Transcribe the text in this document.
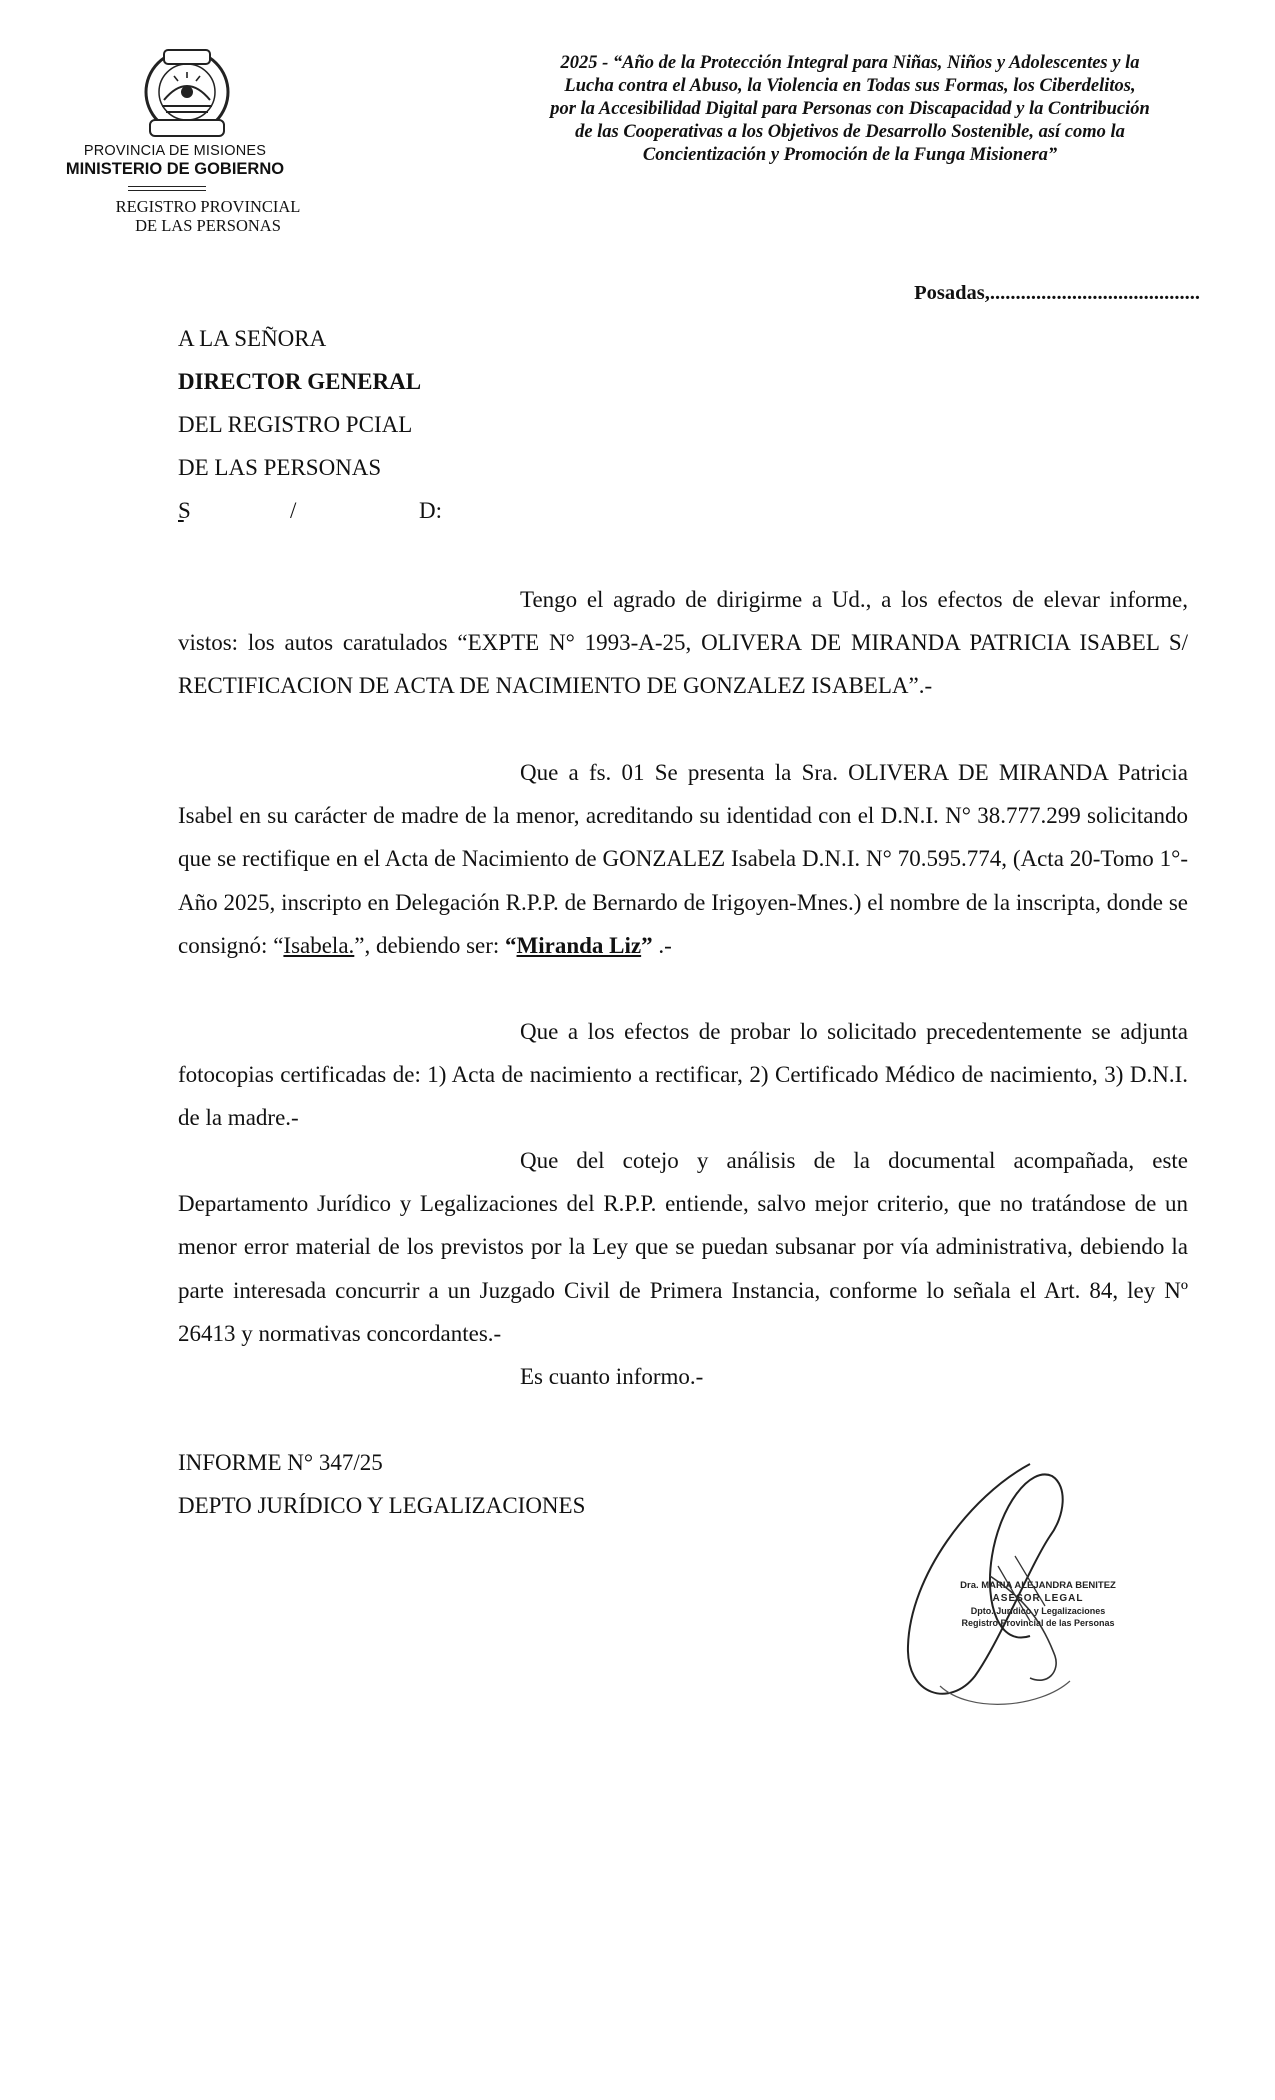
PROVINCIA DE MISIONES
MINISTERIO DE GOBIERNO
REGISTRO PROVINCIAL
DE LAS PERSONAS
2025 - “Año de la Protección Integral para Niñas, Niños y Adolescentes y la
Lucha contra el Abuso, la Violencia en Todas sus Formas, los Ciberdelitos,
por la Accesibilidad Digital para Personas con Discapacidad y la Contribución
de las Cooperativas a los Objetivos de Desarrollo Sostenible, así como la
Concientización y Promoción de la Funga Misionera”
Posadas,.........................................
A LA SEÑORA
DIRECTOR GENERAL
DEL REGISTRO PCIAL
DE LAS PERSONAS

S	/	D:

Tengo el agrado de dirigirme a Ud., a los efectos de elevar informe, vistos: los autos caratulados “EXPTE N° 1993-A-25, OLIVERA DE MIRANDA PATRICIA ISABEL S/ RECTIFICACION DE ACTA DE NACIMIENTO DE GONZALEZ ISABELA”.-

Que a fs. 01 Se presenta la Sra. OLIVERA DE MIRANDA Patricia Isabel en su carácter de madre de la menor, acreditando su identidad con el D.N.I. N° 38.777.299 solicitando que se rectifique en el Acta de Nacimiento de GONZALEZ Isabela D.N.I. N° 70.595.774, (Acta 20-Tomo 1°-Año 2025, inscripto en Delegación R.P.P. de Bernardo de Irigoyen-Mnes.) el nombre de la inscripta, donde se consignó: “Isabela.”, debiendo ser: “Miranda Liz” .-

Que a los efectos de probar lo solicitado precedentemente se adjunta fotocopias certificadas de: 1) Acta de nacimiento a rectificar, 2) Certificado Médico de nacimiento, 3) D.N.I. de la madre.-

Que del cotejo y análisis de la documental acompañada, este Departamento Jurídico y Legalizaciones del R.P.P. entiende, salvo mejor criterio, que no tratándose de un menor error material de los previstos por la Ley que se puedan subsanar por vía administrativa, debiendo la parte interesada concurrir a un Juzgado Civil de Primera Instancia, conforme lo señala el Art. 84, ley Nº 26413 y normativas concordantes.-

Es cuanto informo.-

INFORME N° 347/25
DEPTO JURÍDICO Y LEGALIZACIONES
Dra. MARIA ALEJANDRA BENITEZ
ASESOR LEGAL
Dpto. Jurídico y Legalizaciones
Registro Provincial de las Personas
